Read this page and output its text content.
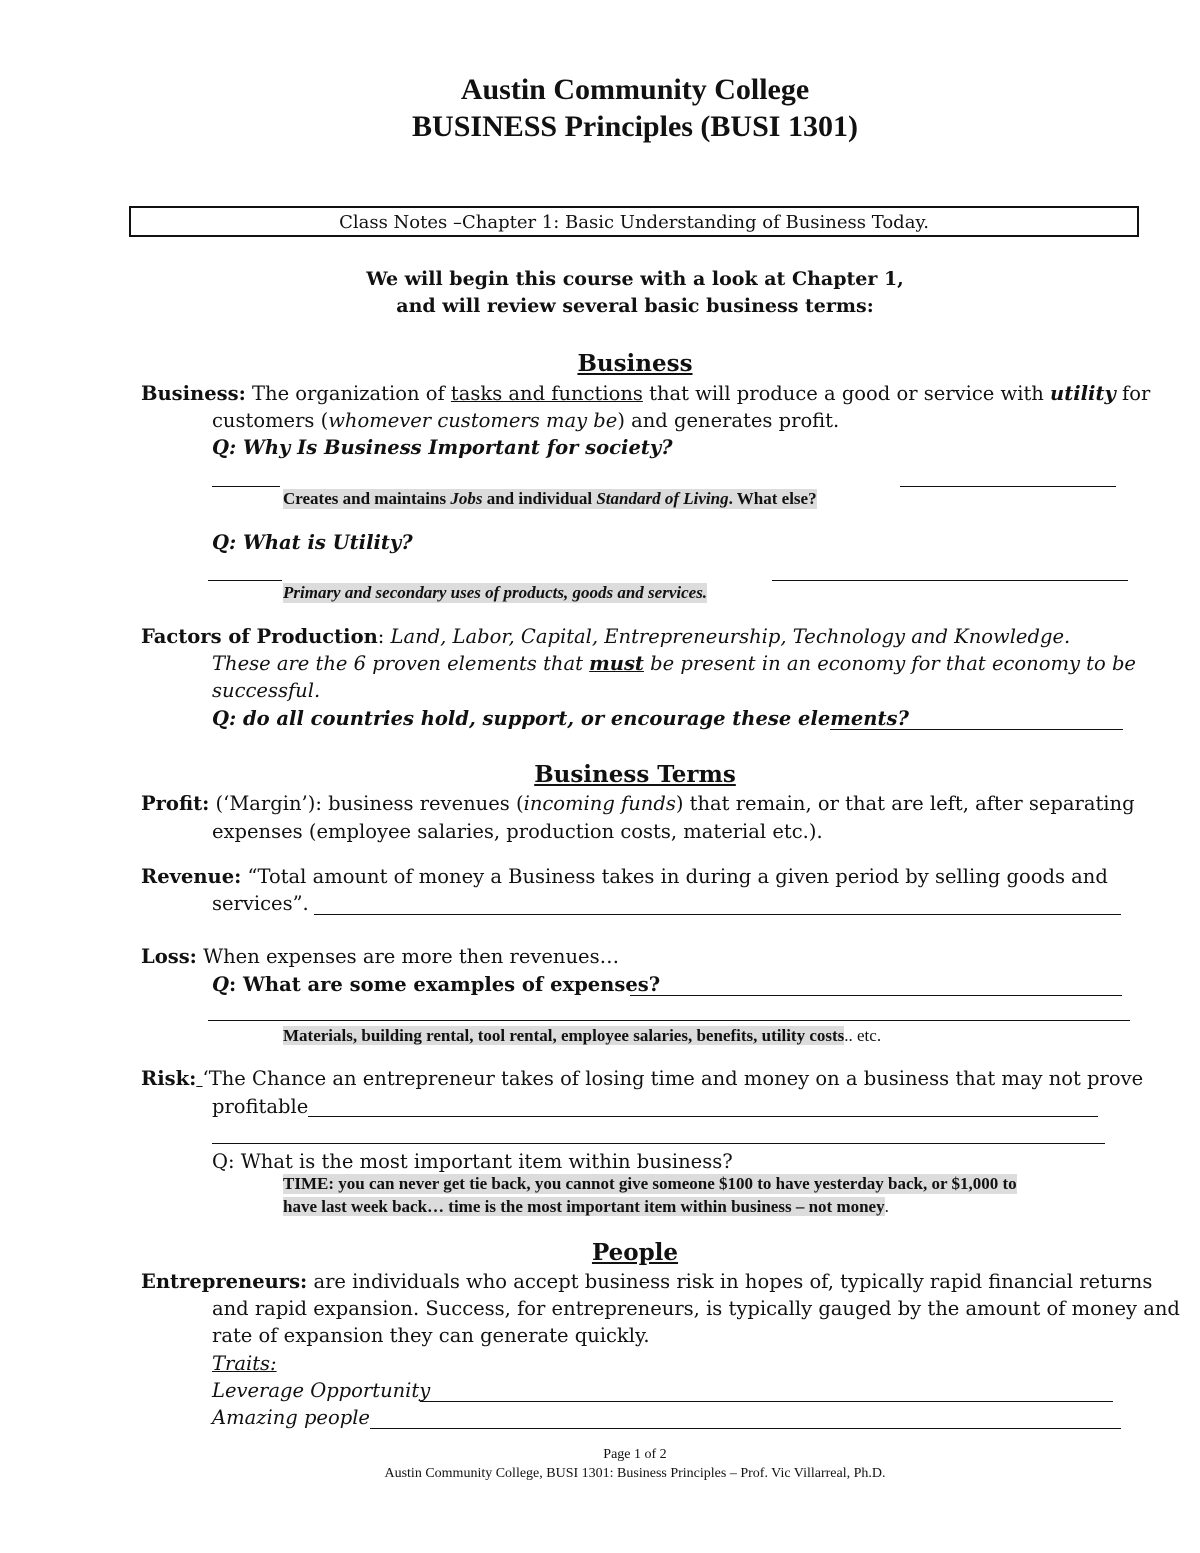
Austin Community College
BUSINESS Principles (BUSI 1301)
Class Notes –Chapter 1: Basic Understanding of Business Today.
We will begin this course with a look at Chapter 1,
and will review several basic business terms:
Business
Business: The organization of tasks and functions that will produce a good or service with utility for
customers (whomever customers may be) and generates profit.
Q: Why Is Business Important for society?
Creates and maintains Jobs and individual Standard of Living. What else?
Q: What is Utility?
Primary and secondary uses of products, goods and services.
Factors of Production: Land, Labor, Capital, Entrepreneurship, Technology and Knowledge.
These are the 6 proven elements that must be present in an economy for that economy to be
successful.
Q: do all countries hold, support, or encourage these elements?
Business Terms
Profit: (‘Margin’): business revenues (incoming funds) that remain, or that are left, after separating
expenses (employee salaries, production costs, material etc.).
Revenue: “Total amount of money a Business takes in during a given period by selling goods and
services”.
Loss: When expenses are more then revenues…
Q: What are some examples of expenses?
Materials, building rental, tool rental, employee salaries, benefits, utility costs.. etc.
Risk: ‘The Chance an entrepreneur takes of losing time and money on a business that may not prove
profitable
Q: What is the most important item within business?
TIME: you can never get tie back, you cannot give someone $100 to have yesterday back, or $1,000 to
have last week back… time is the most important item within business – not money.
People
Entrepreneurs: are individuals who accept business risk in hopes of, typically rapid financial returns
and rapid expansion. Success, for entrepreneurs, is typically gauged by the amount of money and
rate of expansion they can generate quickly.
Traits:
Leverage Opportunity
Amazing people
Page 1 of 2
Austin Community College, BUSI 1301: Business Principles – Prof. Vic Villarreal, Ph.D.
